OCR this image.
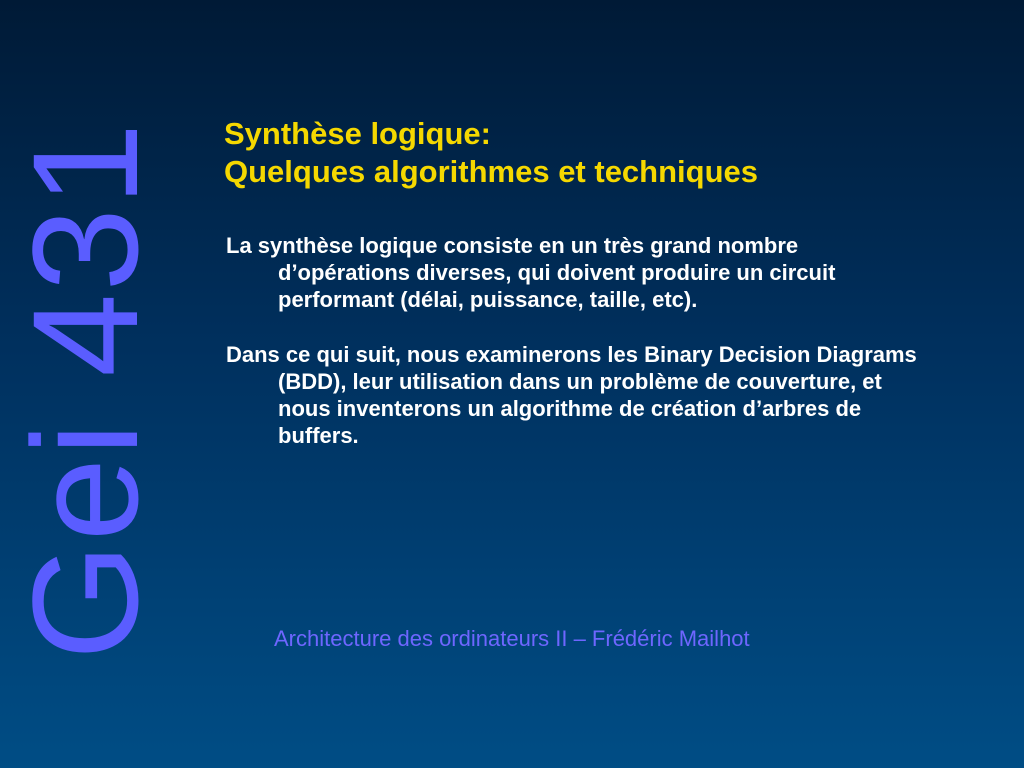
Gei 431 Synthèse logique:
Quelques algorithmes et techniques

La synthèse logique consiste en un très grand nombre d’opérations diverses, qui doivent produire un circuit performant (délai, puissance, taille, etc).

Dans ce qui suit, nous examinerons les Binary Decision Diagrams (BDD), leur utilisation dans un problème de couverture, et nous inventerons un algorithme de création d’arbres de buffers.

Architecture des ordinateurs II – Frédéric Mailhot
